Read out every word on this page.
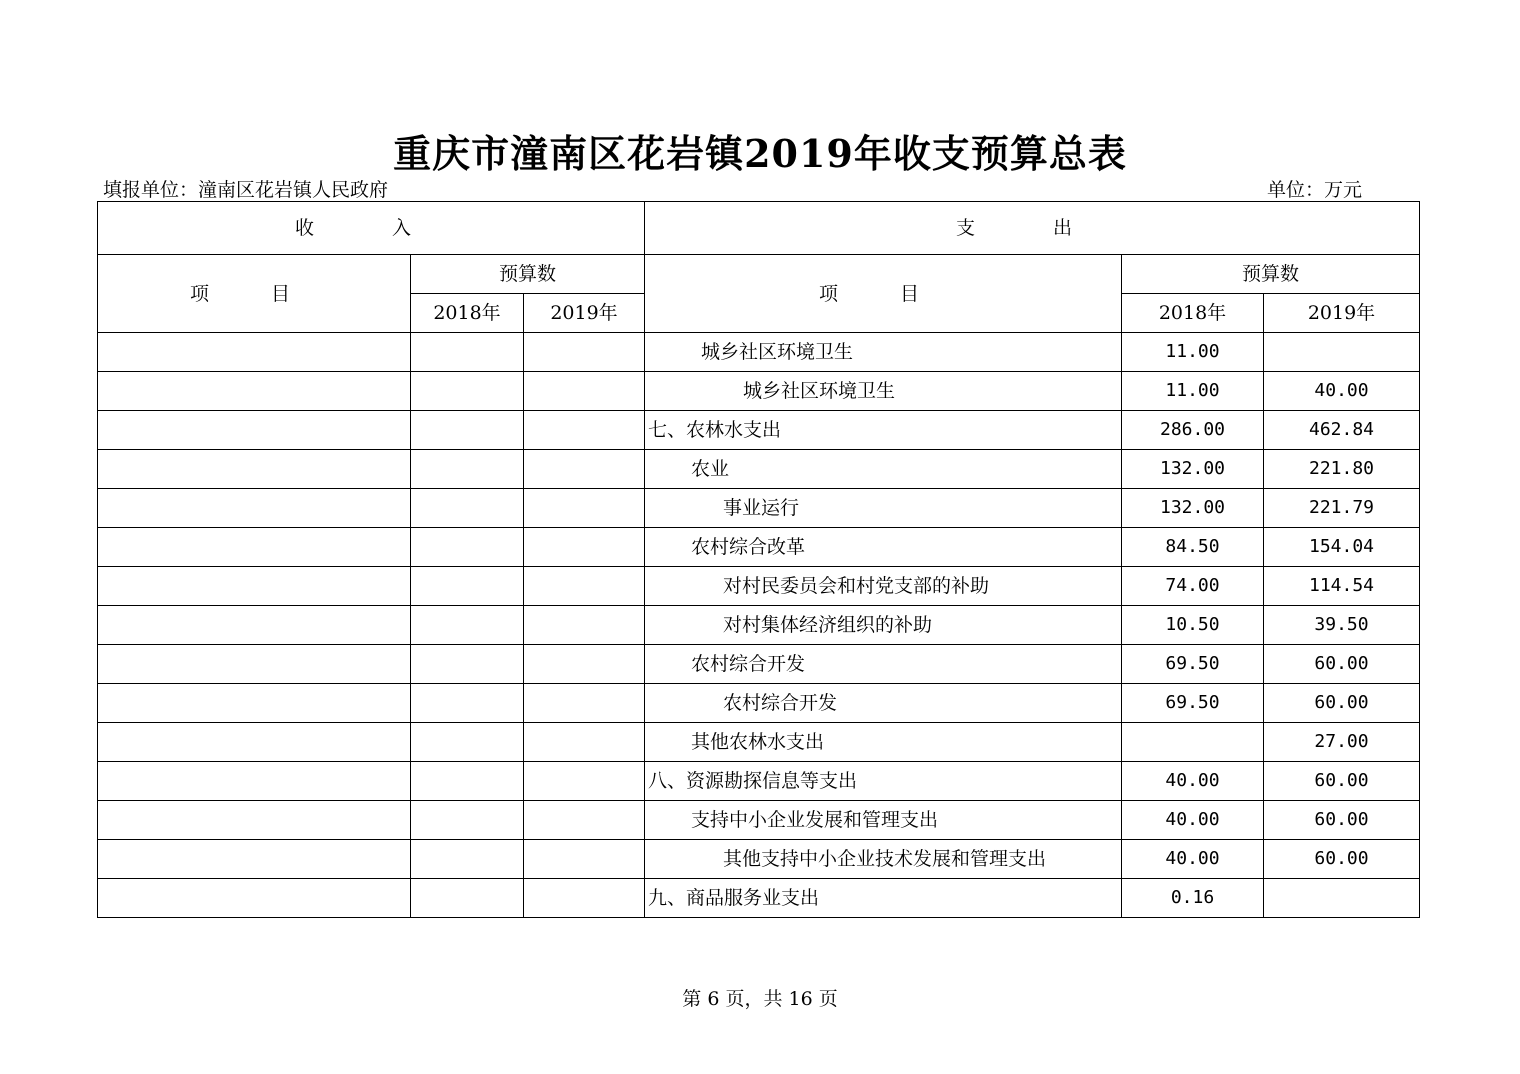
重庆市潼南区花岩镇2019年收支预算总表
填报单位：潼南区花岩镇人民政府	单位：万元
收 入			支 出		
项 目	预算数		项 目	预算数	
	2018年	2019年		2018年	2019年
			城乡社区环境卫生	11.00	
			城乡社区环境卫生	11.00	40.00
			七、农林水支出	286.00	462.84
			农业	132.00	221.80
			事业运行	132.00	221.79
			农村综合改革	84.50	154.04
			对村民委员会和村党支部的补助	74.00	114.54
			对村集体经济组织的补助	10.50	39.50
			农村综合开发	69.50	60.00
			农村综合开发	69.50	60.00
			其他农林水支出		27.00
			八、资源勘探信息等支出	40.00	60.00
			支持中小企业发展和管理支出	40.00	60.00
			其他支持中小企业技术发展和管理支出	40.00	60.00
			九、商品服务业支出	0.16	
第 6 页，共 16 页
